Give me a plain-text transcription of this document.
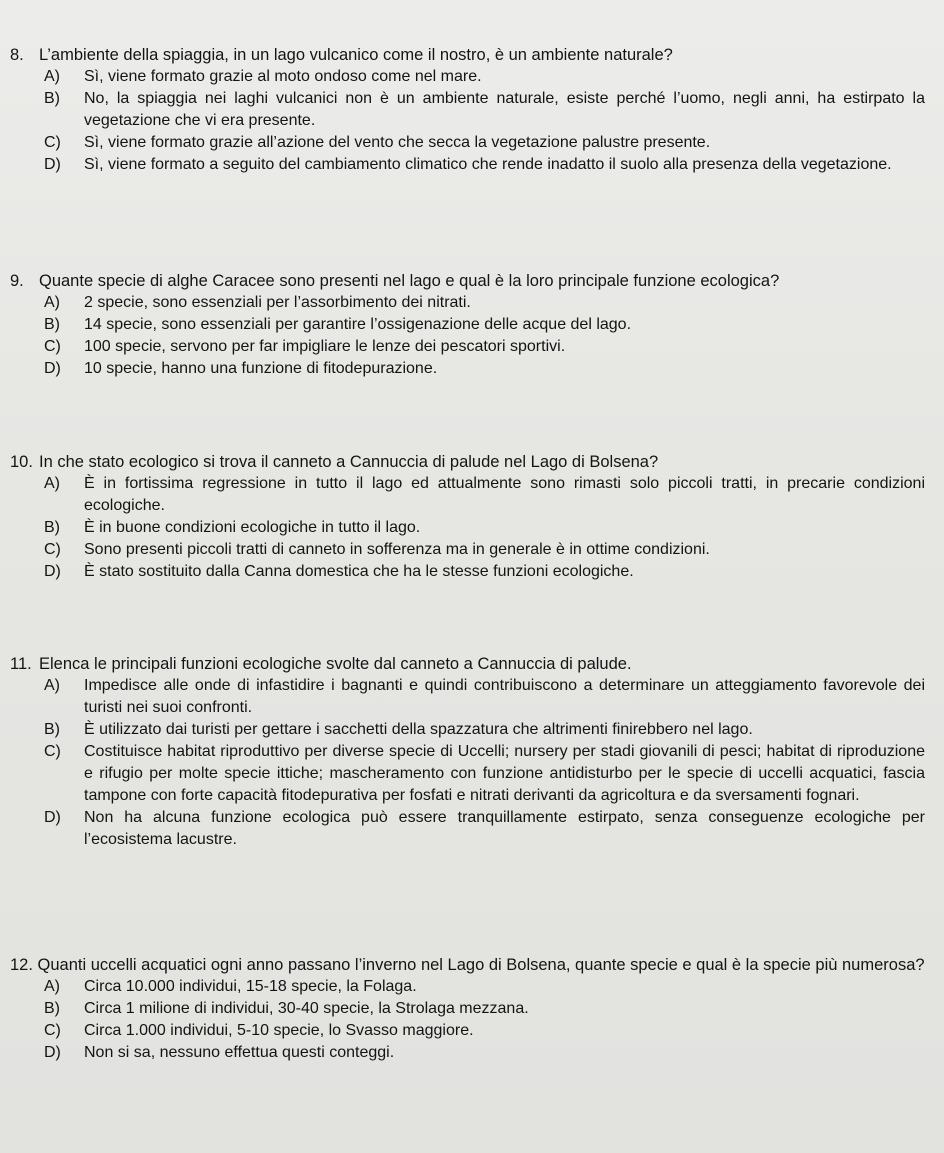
8. L’ambiente della spiaggia, in un lago vulcanico come il nostro, è un ambiente naturale?

A)	Sì, viene formato grazie al moto ondoso come nel mare.
B)	No, la spiaggia nei laghi vulcanici non è un ambiente naturale, esiste perché l’uomo, negli anni, ha estirpato la vegetazione che vi era presente.
C)	Sì, viene formato grazie all’azione del vento che secca la vegetazione palustre presente.
D)	Sì, viene formato a seguito del cambiamento climatico che rende inadatto il suolo alla presenza della vegetazione.

9. Quante specie di alghe Caracee sono presenti nel lago e qual è la loro principale funzione ecologica?

A)	2 specie, sono essenziali per l’assorbimento dei nitrati.
B)	14 specie, sono essenziali per garantire l’ossigenazione delle acque del lago.
C)	100 specie, servono per far impigliare le lenze dei pescatori sportivi.
D)	10 specie, hanno una funzione di fitodepurazione.

10. In che stato ecologico si trova il canneto a Cannuccia di palude nel Lago di Bolsena?

A)	È in fortissima regressione in tutto il lago ed attualmente sono rimasti solo piccoli tratti, in precarie condizioni ecologiche.
B)	È in buone condizioni ecologiche in tutto il lago.
C)	Sono presenti piccoli tratti di canneto in sofferenza ma in generale è in ottime condizioni.
D)	È stato sostituito dalla Canna domestica che ha le stesse funzioni ecologiche.

11. Elenca le principali funzioni ecologiche svolte dal canneto a Cannuccia di palude.

A)	Impedisce alle onde di infastidire i bagnanti e quindi contribuiscono a determinare un atteggiamento favorevole dei turisti nei suoi confronti.
B)	È utilizzato dai turisti per gettare i sacchetti della spazzatura che altrimenti finirebbero nel lago.
C)	Costituisce habitat riproduttivo per diverse specie di Uccelli; nursery per stadi giovanili di pesci; habitat di riproduzione e rifugio per molte specie ittiche; mascheramento con funzione antidisturbo per le specie di uccelli acquatici, fascia tampone con forte capacità fitodepurativa per fosfati e nitrati derivanti da agricoltura e da sversamenti fognari.
D)	Non ha alcuna funzione ecologica può essere tranquillamente estirpato, senza conseguenze ecologiche per l’ecosistema lacustre.

12. Quanti uccelli acquatici ogni anno passano l’inverno nel Lago di Bolsena, quante specie e qual è la specie più numerosa?

A)	Circa 10.000 individui, 15-18 specie, la Folaga.
B)	Circa 1 milione di individui, 30-40 specie, la Strolaga mezzana.
C)	Circa 1.000 individui, 5-10 specie, lo Svasso maggiore.
D)	Non si sa, nessuno effettua questi conteggi.
